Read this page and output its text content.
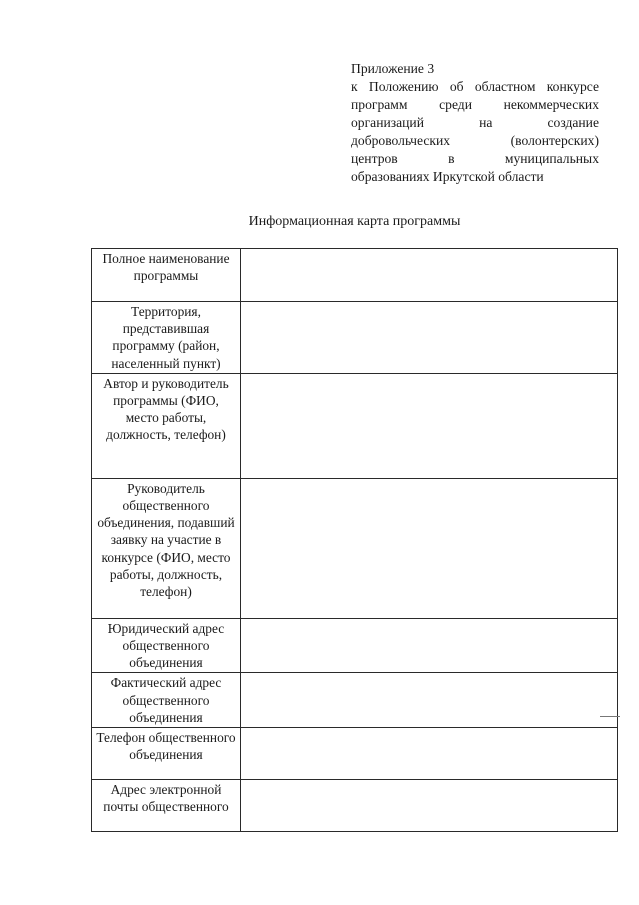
Приложение 3
к Положению об областном конкурсе
программ среди некоммерческих
организаций	на	создание
добровольческих	(волонтерских)
центров	в	муниципальных
образованиях Иркутской области
Информационная карта программы
Полное наименование программы	
Территория, представившая программу (район, населенный пункт)	
Автор и руководитель программы (ФИО, место работы, должность, телефон)	
Руководитель общественного объединения, подавший заявку на участие в конкурсе (ФИО, место работы, должность, телефон)	
Юридический адрес общественного объединения	
Фактический адрес общественного объединения	
Телефон общественного объединения	
Адрес электронной почты общественного	
